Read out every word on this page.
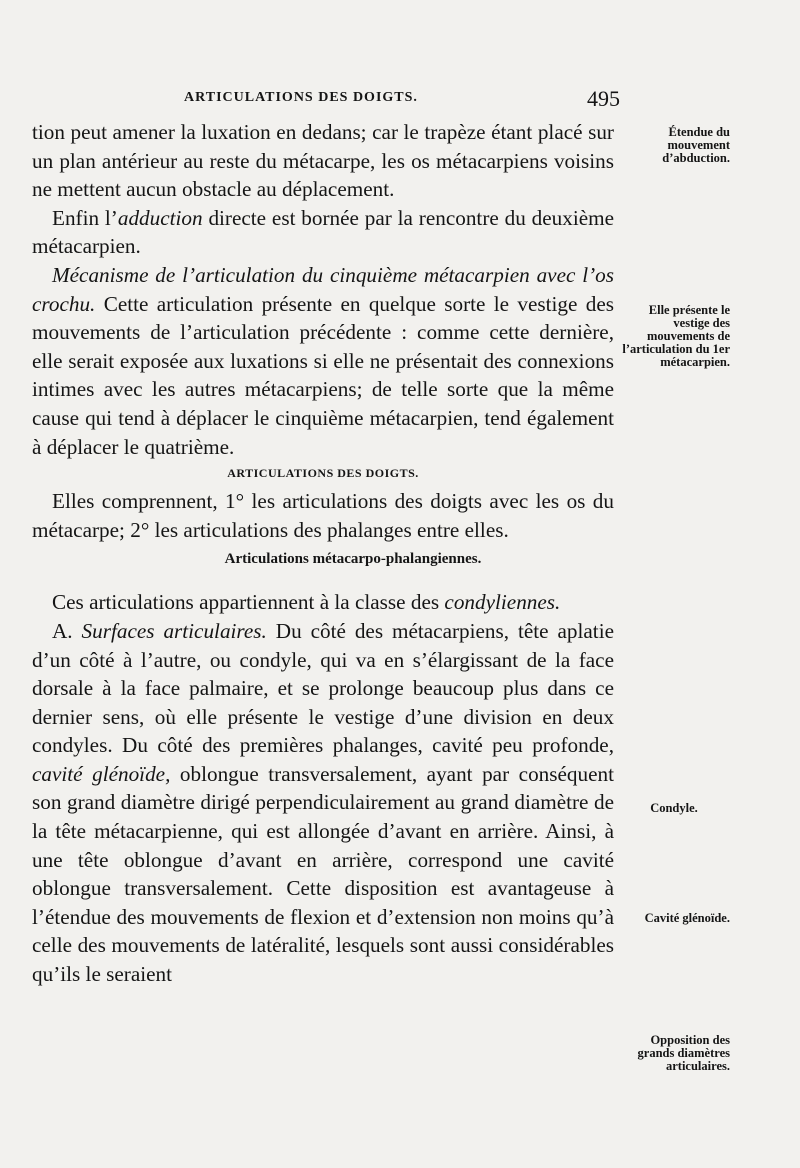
ARTICULATIONS DES DOIGTS.	495

tion peut amener la luxation en dedans; car le trapèze étant placé sur un plan antérieur au reste du métacarpe, les os métacarpiens voisins ne mettent aucun obstacle au déplacement.

Enfin l’adduction directe est bornée par la rencontre du deuxième métacarpien.

Mécanisme de l’articulation du cinquième métacarpien avec l’os crochu. Cette articulation présente en quelque sorte le vestige des mouvements de l’articulation précédente : comme cette dernière, elle serait exposée aux luxations si elle ne présentait des connexions intimes avec les autres métacarpiens; de telle sorte que la même cause qui tend à déplacer le cinquième métacarpien, tend également à déplacer le quatrième.

ARTICULATIONS DES DOIGTS.

Elles comprennent, 1° les articulations des doigts avec les os du métacarpe; 2° les articulations des phalanges entre elles.

Articulations métacarpo-phalangiennes.

Ces articulations appartiennent à la classe des condyliennes.

A. Surfaces articulaires. Du côté des métacarpiens, tête aplatie d’un côté à l’autre, ou condyle, qui va en s’élargissant de la face dorsale à la face palmaire, et se prolonge beaucoup plus dans ce dernier sens, où elle présente le vestige d’une division en deux condyles. Du côté des premières phalanges, cavité peu profonde, cavité glénoïde, oblongue transversalement, ayant par conséquent son grand diamètre dirigé perpendiculairement au grand diamètre de la tête métacarpienne, qui est allongée d’avant en arrière. Ainsi, à une tête oblongue d’avant en arrière, correspond une cavité oblongue transversalement. Cette disposition est avantageuse à l’étendue des mouvements de flexion et d’extension non moins qu’à celle des mouvements de latéralité, lesquels sont aussi considérables qu’ils le seraient

Étendue du mouvement d’abduction.
Elle présente le vestige des mouvements de l’articulation du 1er métacarpien.
Condyle.
Cavité glénoïde.
Opposition des grands diamètres articulaires.
